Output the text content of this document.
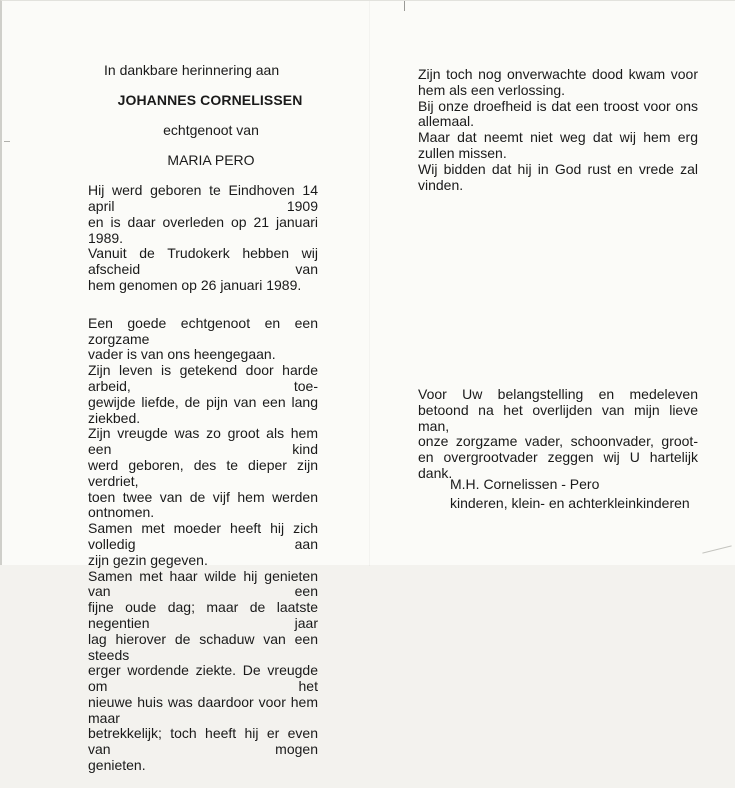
In dankbare herinnering aan

JOHANNES CORNELISSEN

echtgenoot van

MARIA PERO

Hij werd geboren te Eindhoven 14 april 1909
en is daar overleden op 21 januari 1989.
Vanuit de Trudokerk hebben wij afscheid van
hem genomen op 26 januari 1989.

Een goede echtgenoot en een zorgzame
vader is van ons heengegaan.
Zijn leven is getekend door harde arbeid, toe-
gewijde liefde, de pijn van een lang ziekbed.
Zijn vreugde was zo groot als hem een kind
werd geboren, des te dieper zijn verdriet,
toen twee van de vijf hem werden ontnomen.
Samen met moeder heeft hij zich volledig aan
zijn gezin gegeven.
Samen met haar wilde hij genieten van een
fijne oude dag; maar de laatste negentien jaar
lag hierover de schaduw van een steeds
erger wordende ziekte. De vreugde om het
nieuwe huis was daardoor voor hem maar
betrekkelijk; toch heeft hij er even van mogen
genieten.

Zijn toch nog onverwachte dood kwam voor
hem als een verlossing.
Bij onze droefheid is dat een troost voor ons
allemaal.
Maar dat neemt niet weg dat wij hem erg
zullen missen.
Wij bidden dat hij in God rust en vrede zal
vinden.

Voor Uw belangstelling en medeleven
betoond na het overlijden van mijn lieve man,
onze zorgzame vader, schoonvader, groot-
en overgrootvader zeggen wij U hartelijk
dank.

M.H. Cornelissen - Pero
kinderen, klein- en achterkleinkinderen
